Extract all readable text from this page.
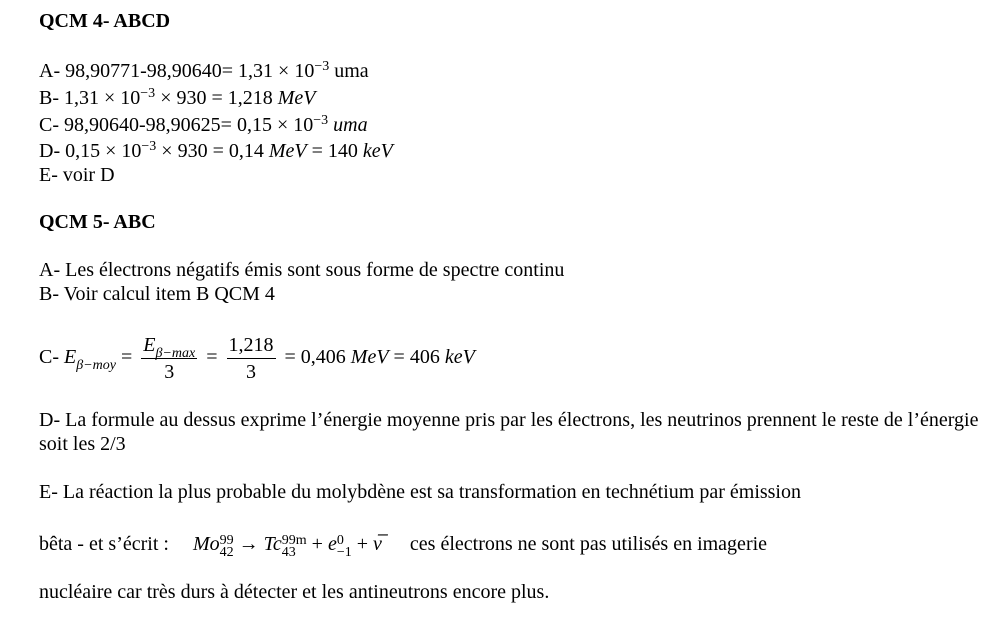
QCM 4- ABCD
A- $98,90771-98,90640= 1,31 \times 10^{-3}$ uma
B- $1,31 \times 10^{-3} \times 930 = 1,218$ MeV
C- $98,90640-98,90625= 0,15 \times 10^{-3}$ uma
D- $0,15 \times 10^{-3} \times 930 = 0,14$ MeV = 140 keV
E- voir D
QCM 5- ABC
A- Les électrons négatifs émis sont sous forme de spectre continu
B- Voir calcul item B QCM 4
C- $E_{\beta-moy} = \frac{E_{\beta-max}}{3} = \frac{1,218}{3} = 0,406$ MeV = 406 keV
D- La formule au dessus exprime l’énergie moyenne pris par les électrons, les neutrinos prennent le reste de l’énergie soit les 2/3
E- La réaction la plus probable du molybdène est sa transformation en technétium par émission
bêta - et s’écrit : Mo 99
42 → Tc 99m
43 + e 0
−1 + ν̅ ces électrons ne sont pas utilisés en imagerie
nucléaire car très durs à détecter et les antineutrons encore plus.
